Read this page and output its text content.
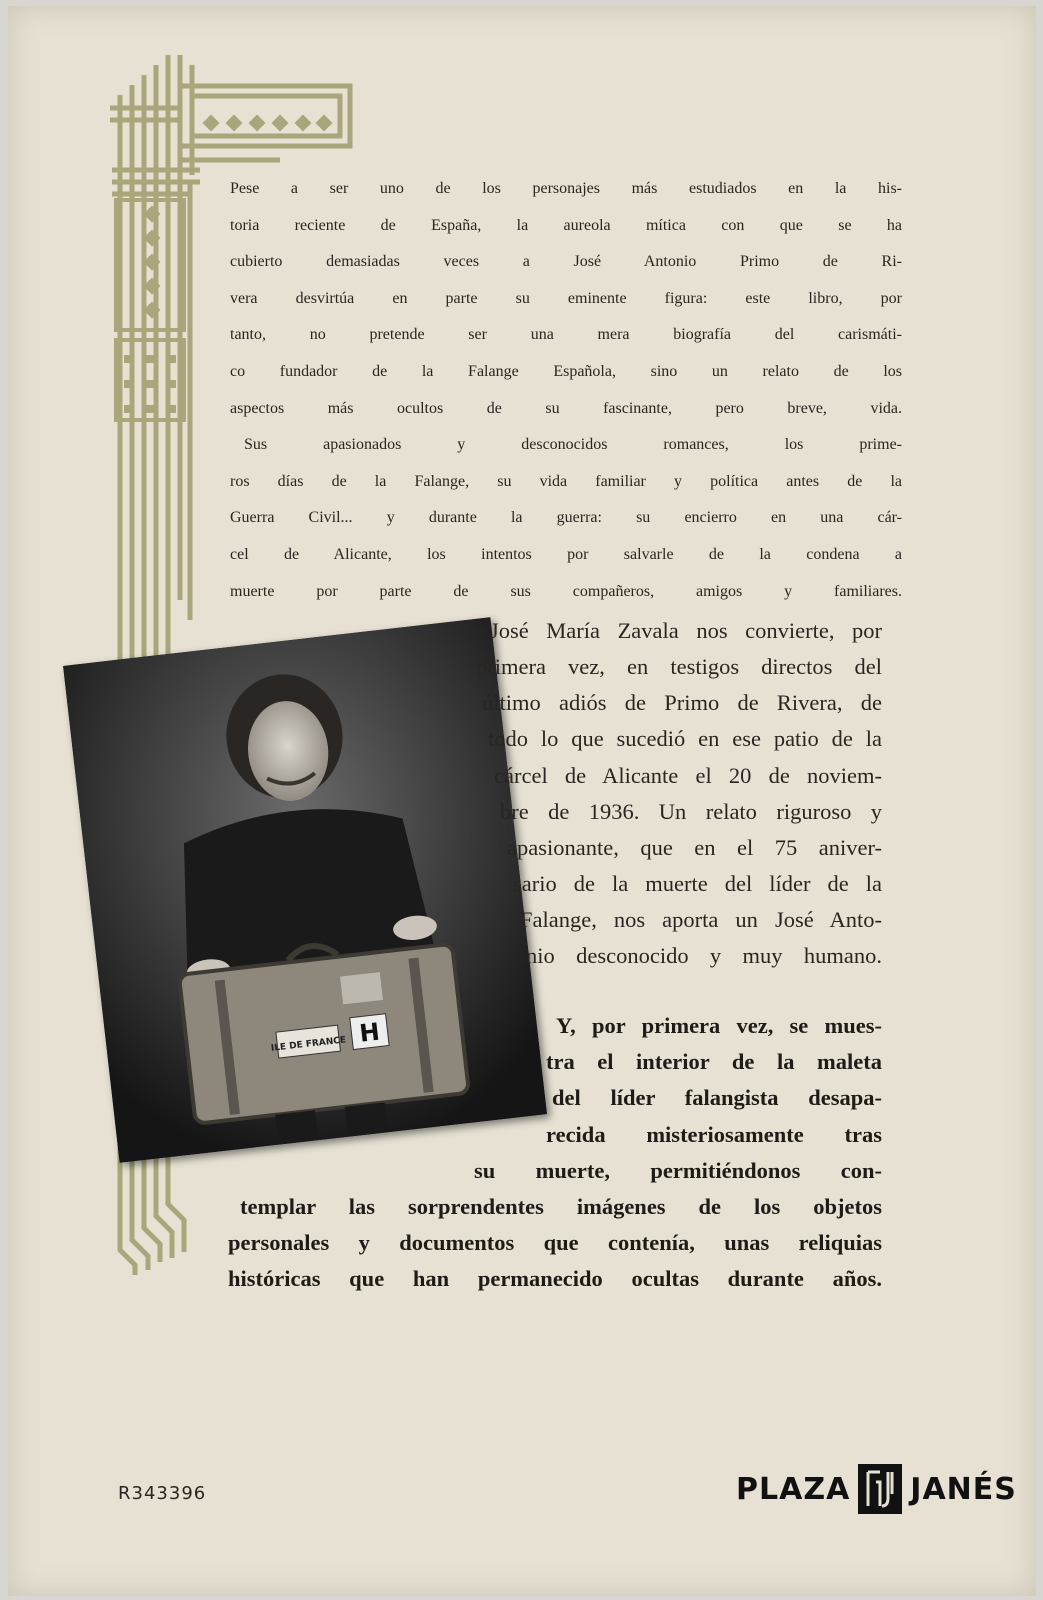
Pese a ser uno de los personajes más estudiados en la his-
toria reciente de España, la aureola mítica con que se ha
cubierto demasiadas veces a José Antonio Primo de Ri-
vera desvirtúa en parte su eminente figura: este libro, por
tanto, no pretende ser una mera biografía del carismáti-
co fundador de la Falange Española, sino un relato de los
aspectos más ocultos de su fascinante, pero breve, vida.
Sus apasionados y desconocidos romances, los prime-
ros días de la Falange, su vida familiar y política antes de la
Guerra Civil... y durante la guerra: su encierro en una cár-
cel de Alicante, los intentos por salvarle de la condena a
muerte por parte de sus compañeros, amigos y familiares.
ILE DE FRANCE H
José María Zavala nos convierte, por
primera vez, en testigos directos del
último adiós de Primo de Rivera, de
todo lo que sucedió en ese patio de la
cárcel de Alicante el 20 de noviem-
bre de 1936. Un relato riguroso y
apasionante, que en el 75 aniver-
sario de la muerte del líder de la
Falange, nos aporta un José Anto-
nio desconocido y muy humano.
Y, por primera vez, se mues-
tra el interior de la maleta
del líder falangista desapa-
recida misteriosamente tras
su muerte, permitiéndonos con-
templar las sorprendentes imágenes de los objetos
personales y documentos que contenía, unas reliquias
históricas que han permanecido ocultas durante años.
R343396	PLAZA JANÉS
